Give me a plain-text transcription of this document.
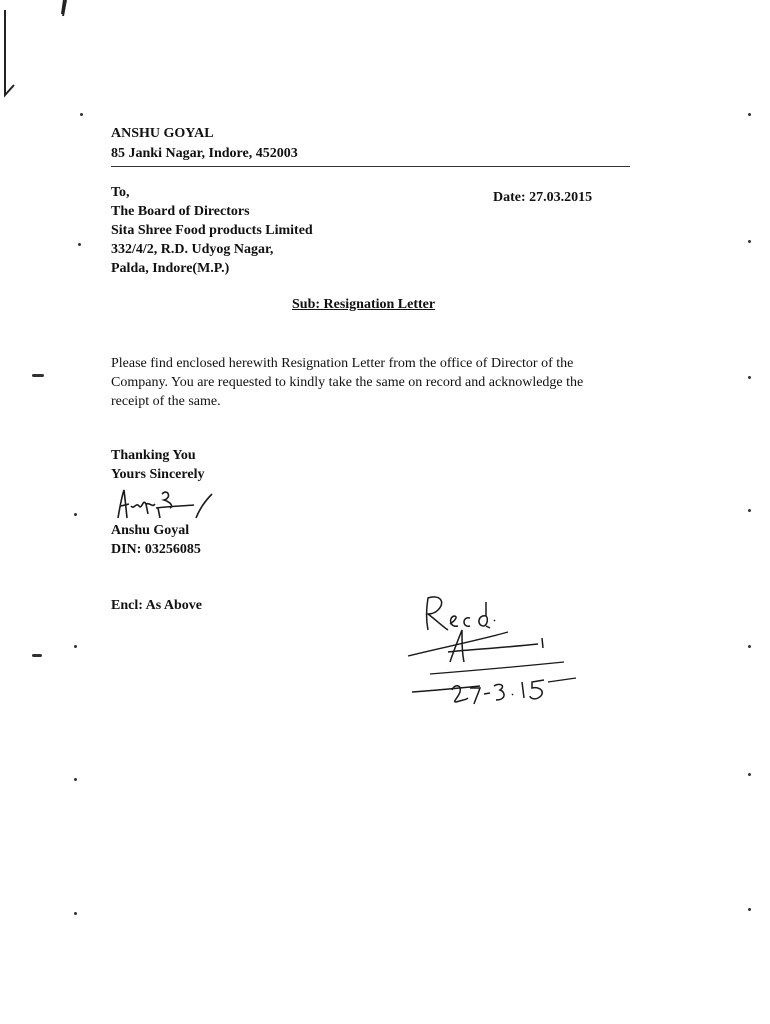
ANSHU GOYAL
85 Janki Nagar, Indore, 452003
To,
The Board of Directors
Sita Shree Food products Limited
332/4/2, R.D. Udyog Nagar,
Palda, Indore(M.P.)
Date: 27.03.2015
Sub: Resignation Letter
Please find enclosed herewith Resignation Letter from the office of Director of the
Company. You are requested to kindly take the same on record and acknowledge the
receipt of the same.
Thanking You
Yours Sincerely
Anshu Goyal
DIN: 03256085
Encl: As Above
